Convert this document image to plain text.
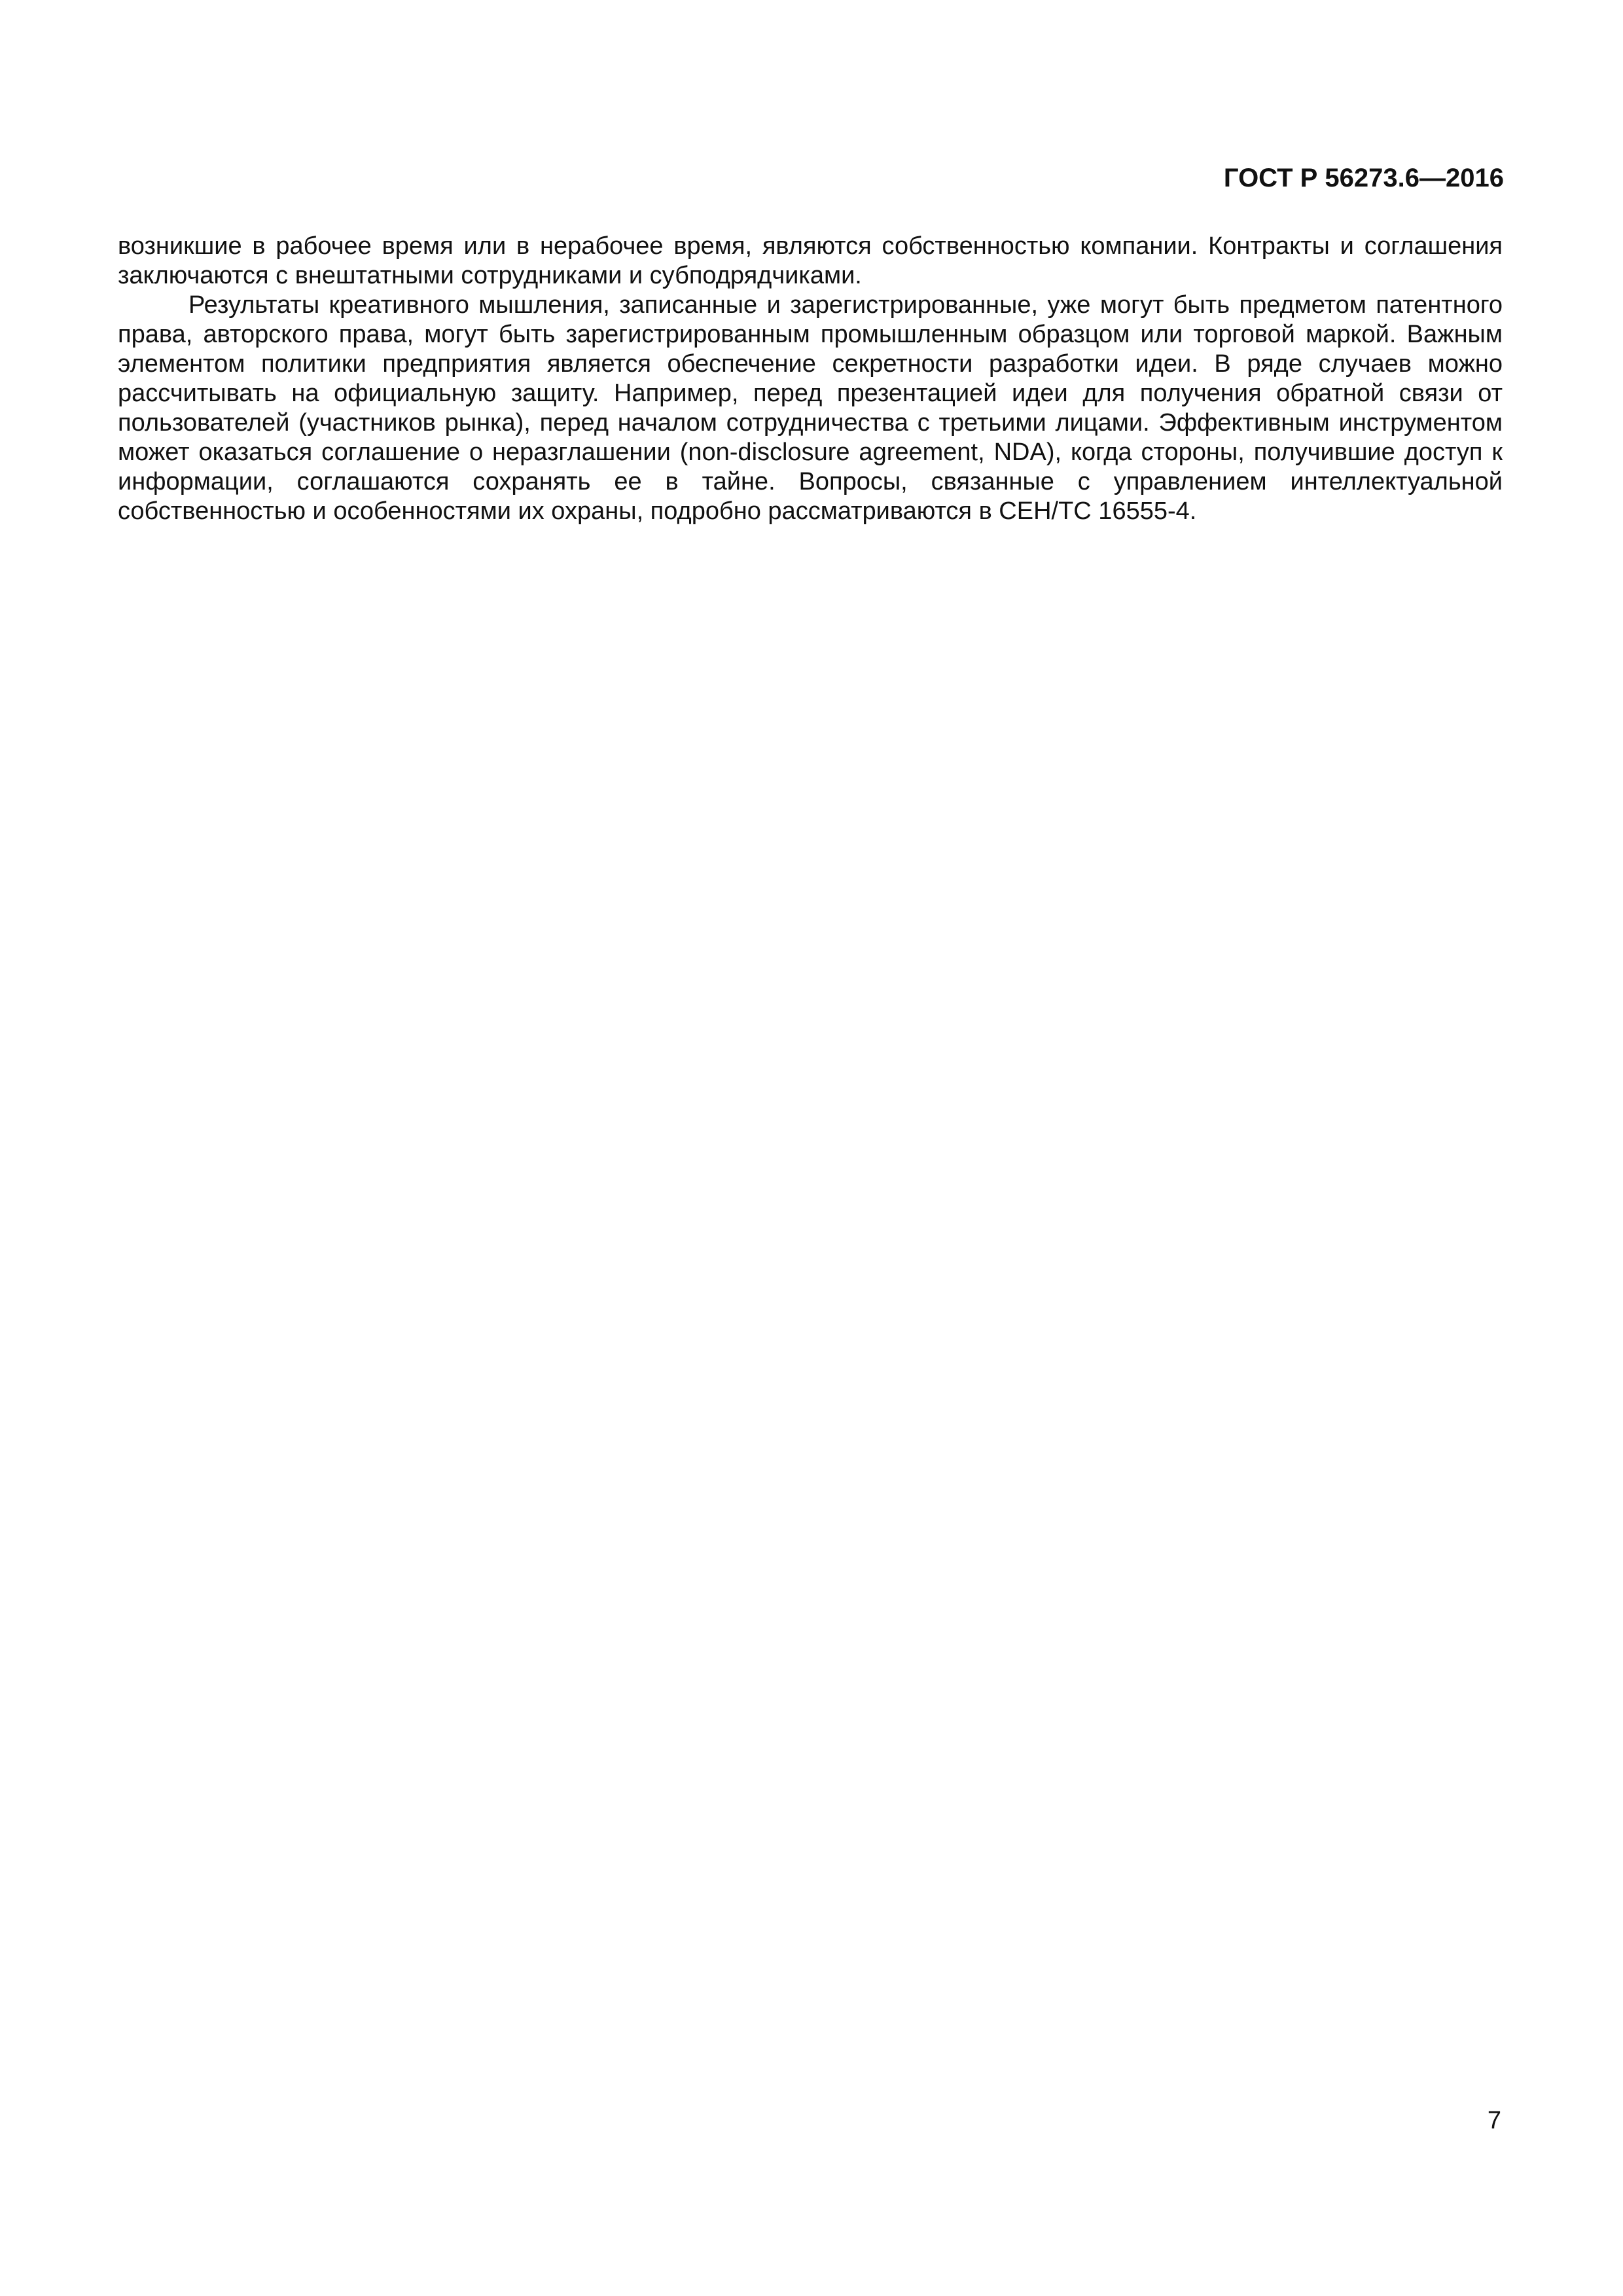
ГОСТ Р 56273.6—2016

возникшие в рабочее время или в нерабочее время, являются собственностью компании. Контракты и соглашения заключаются с внештатными сотрудниками и субподрядчиками.

Результаты креативного мышления, записанные и зарегистрированные, уже могут быть предметом патентного права, авторского права, могут быть зарегистрированным промышленным образцом или торговой маркой. Важным элементом политики предприятия является обеспечение секретности разработки идеи. В ряде случаев можно рассчитывать на официальную защиту. Например, перед презентацией идеи для получения обратной связи от пользователей (участников рынка), перед началом сотрудничества с третьими лицами. Эффективным инструментом может оказаться соглашение о неразглашении (non-disclosure agreement, NDA), когда стороны, получившие доступ к информации, соглашаются сохранять ее в тайне. Вопросы, связанные с управлением интеллектуальной собственностью и особенностями их охраны, подробно рассматриваются в СЕН/ТС 16555-4.

7
